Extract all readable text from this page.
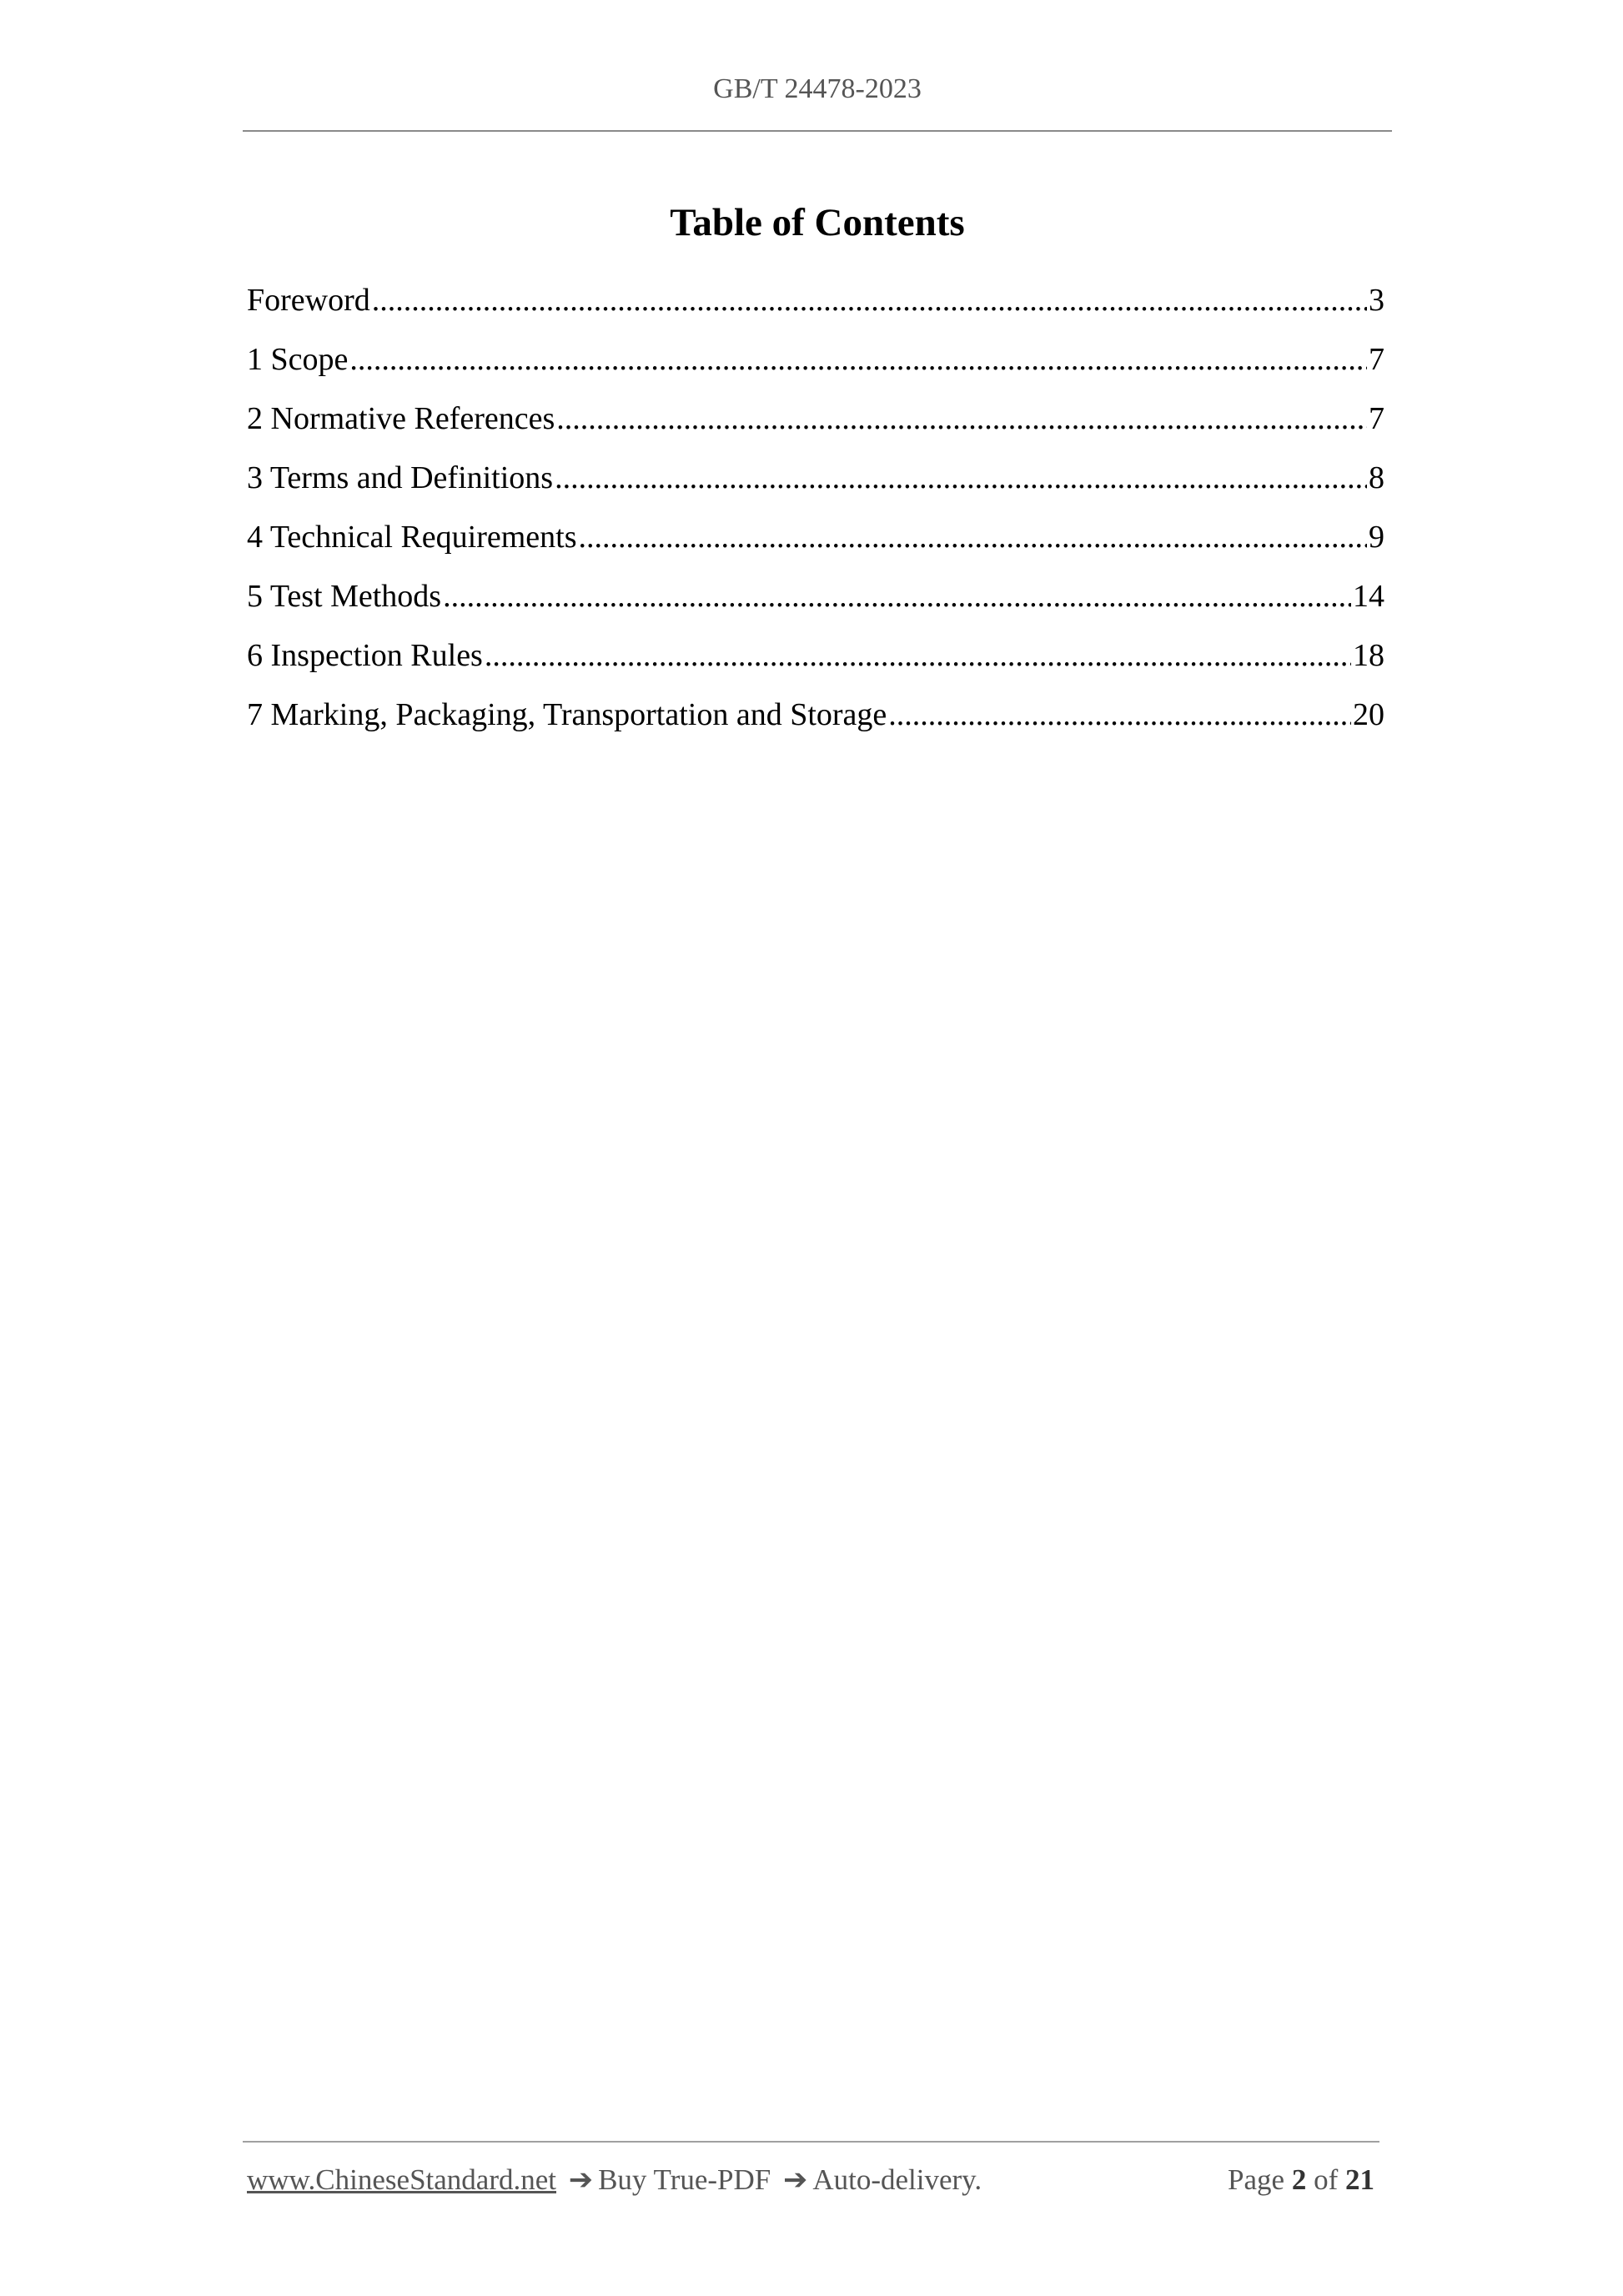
GB/T 24478-2023
Table of Contents
Foreword .....	3
1 Scope .....	7
2 Normative References .....	7
3 Terms and Definitions .....	8
4 Technical Requirements .....	9
5 Test Methods .....	14
6 Inspection Rules .....	18
7 Marking, Packaging, Transportation and Storage .....	20
www.ChineseStandard.net ➔ Buy True-PDF ➔ Auto-delivery.	Page 2 of 21
